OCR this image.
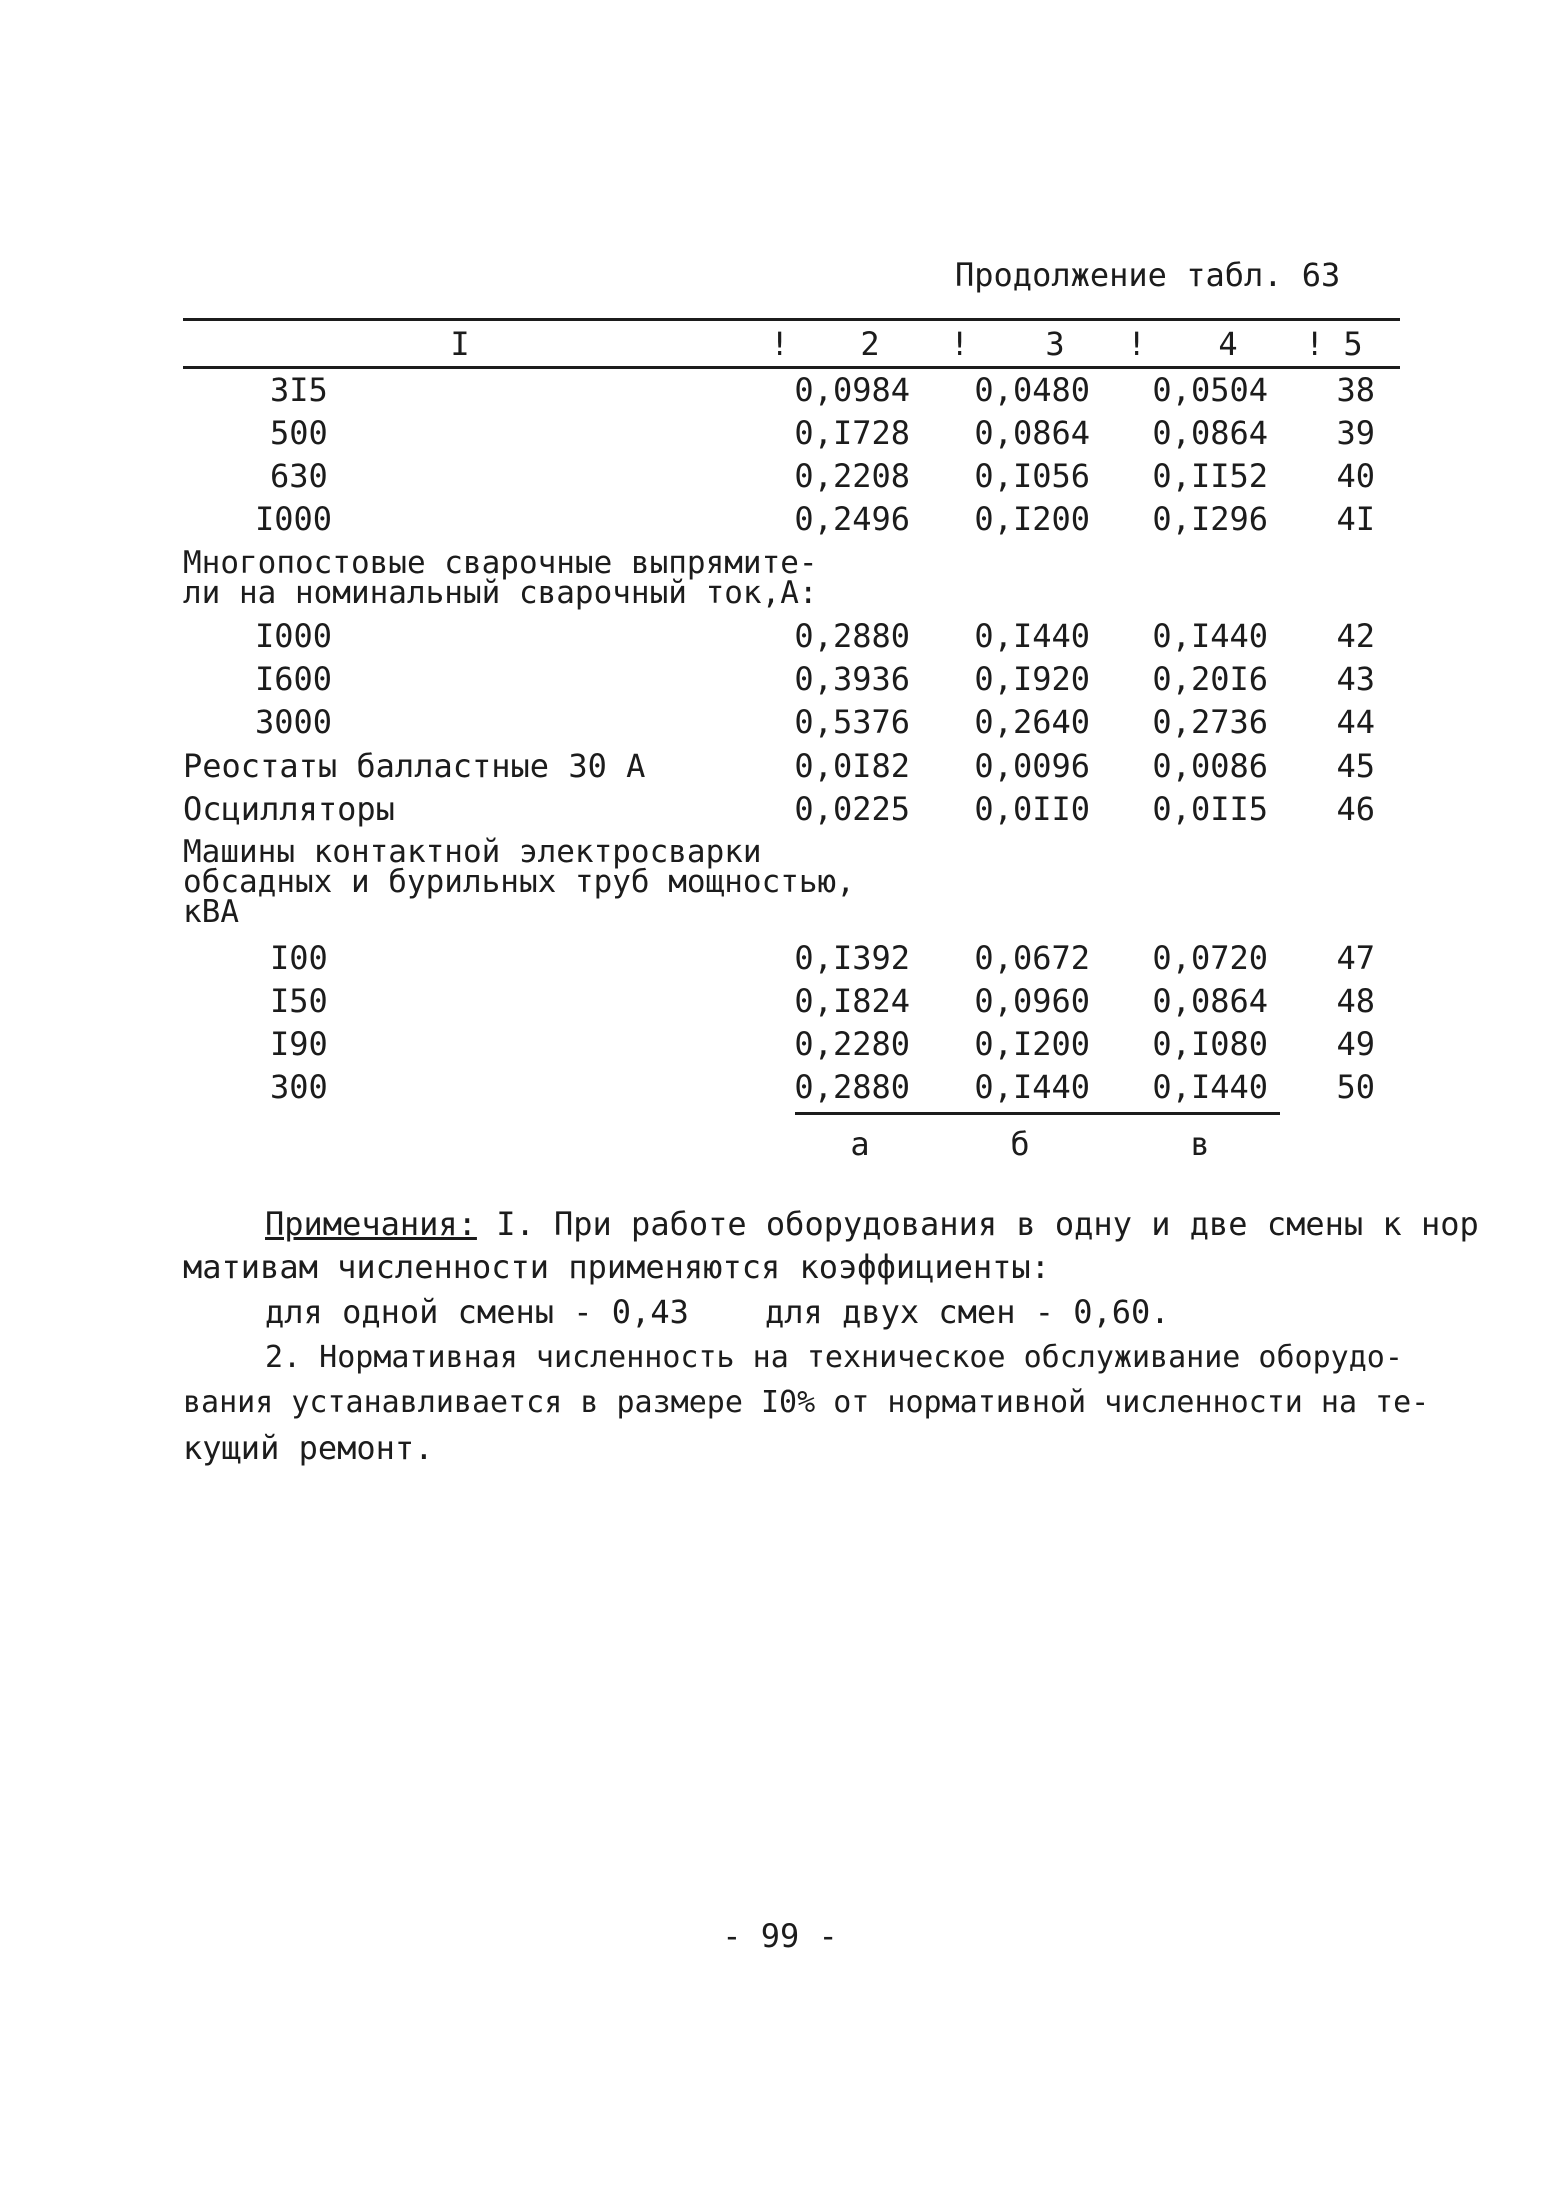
Продолжение табл. 63
I	!	2	!	3	!	4	! 5
3I5	0,0984	0,0480	0,0504	38
500	0,I728	0,0864	0,0864	39
630	0,2208	0,I056	0,II52	40
I000	0,2496	0,I200	0,I296	4I
Многопостовые сварочные выпрямите-
ли на номинальный сварочный ток,А:
I000	0,2880	0,I440	0,I440	42
I600	0,3936	0,I920	0,20I6	43
3000	0,5376	0,2640	0,2736	44
Реостаты балластные 30 А	0,0I82	0,0096	0,0086	45
Осцилляторы	0,0225	0,0II0	0,0II5	46
Машины контактной электросварки
обсадных и бурильных труб мощностью,
кВА
I00	0,I392	0,0672	0,0720	47
I50	0,I824	0,0960	0,0864	48
I90	0,2280	0,I200	0,I080	49
300	0,2880	0,I440	0,I440	50
а	б	в
Примечания: I. При работе оборудования в одну и две смены к нор
мативам численности применяются коэффициенты:
для одной смены - 0,43 для двух смен - 0,60.
2. Нормативная численность на техническое обслуживание оборудо-
вания устанавливается в размере I0% от нормативной численности на те-
кущий ремонт.
- 99 -
